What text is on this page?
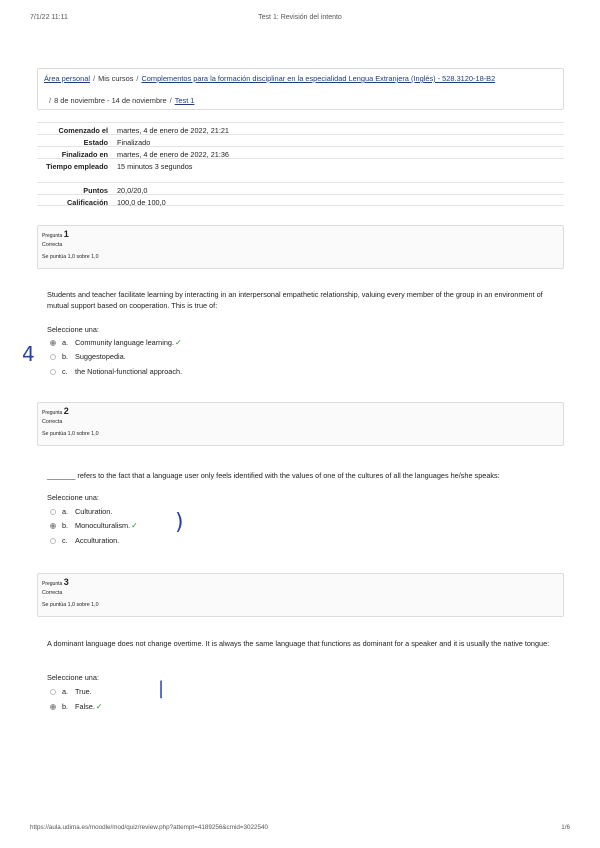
7/1/22 11:11	Test 1: Revisión del intento
Área personal / Mis cursos / Complementos para la formación disciplinar en la especialidad Lengua Extranjera (Inglés) - 528.3120-18-B2
/ 8 de noviembre - 14 de noviembre / Test 1
Comenzado el martes, 4 de enero de 2022, 21:21
Estado Finalizado
Finalizado en martes, 4 de enero de 2022, 21:36
Tiempo empleado 15 minutos 3 segundos
Puntos 20,0/20,0
Calificación 100,0 de 100,0
Pregunta 1
Correcta
Se puntúa 1,0 sobre 1,0
Students and teacher facilitate learning by interacting in an interpersonal empathetic relationship, valuing every member of the group in an environment of mutual support based on cooperation. This is true of:
Seleccione una:
a. Community language learning.✓
b. Suggestopedia.
c. the Notional-functional approach.
4
Pregunta 2
Correcta
Se puntúa 1,0 sobre 1,0
_______ refers to the fact that a language user only feels identified with the values of one of the cultures of all the languages he/she speaks:
Seleccione una:
a. Culturation.
b. Monoculturalism.✓
c. Acculturation.
)
Pregunta 3
Correcta
Se puntúa 1,0 sobre 1,0
A dominant language does not change overtime. It is always the same language that functions as dominant for a speaker and it is usually the native tongue:
Seleccione una:
a. True.
b. False.✓
|
https://aula.udima.es/moodle/mod/quiz/review.php?attempt=4189256&cmid=3022540	1/6
